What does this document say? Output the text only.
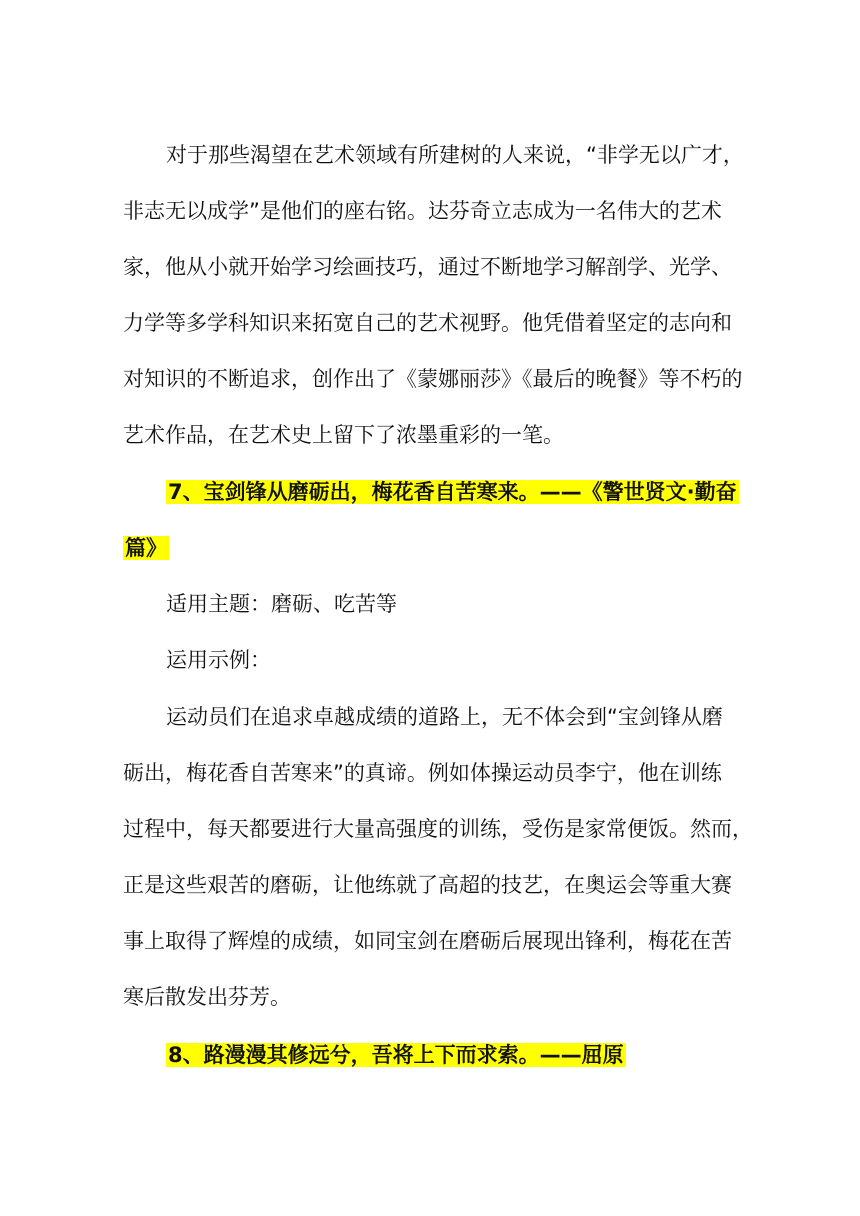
对于那些渴望在艺术领域有所建树的人来说，“非学无以广才，
非志无以成学”是他们的座右铭。达芬奇立志成为一名伟大的艺术
家，他从小就开始学习绘画技巧，通过不断地学习解剖学、光学、
力学等多学科知识来拓宽自己的艺术视野。他凭借着坚定的志向和
对知识的不断追求，创作出了《蒙娜丽莎》《最后的晚餐》等不朽的
艺术作品，在艺术史上留下了浓墨重彩的一笔。
7、宝剑锋从磨砺出，梅花香自苦寒来。——《警世贤文·勤奋
篇》
适用主题：磨砺、吃苦等
运用示例：
运动员们在追求卓越成绩的道路上，无不体会到“宝剑锋从磨
砺出，梅花香自苦寒来”的真谛。例如体操运动员李宁，他在训练
过程中，每天都要进行大量高强度的训练，受伤是家常便饭。然而，
正是这些艰苦的磨砺，让他练就了高超的技艺，在奥运会等重大赛
事上取得了辉煌的成绩，如同宝剑在磨砺后展现出锋利，梅花在苦
寒后散发出芬芳。
8、路漫漫其修远兮，吾将上下而求索。——屈原
